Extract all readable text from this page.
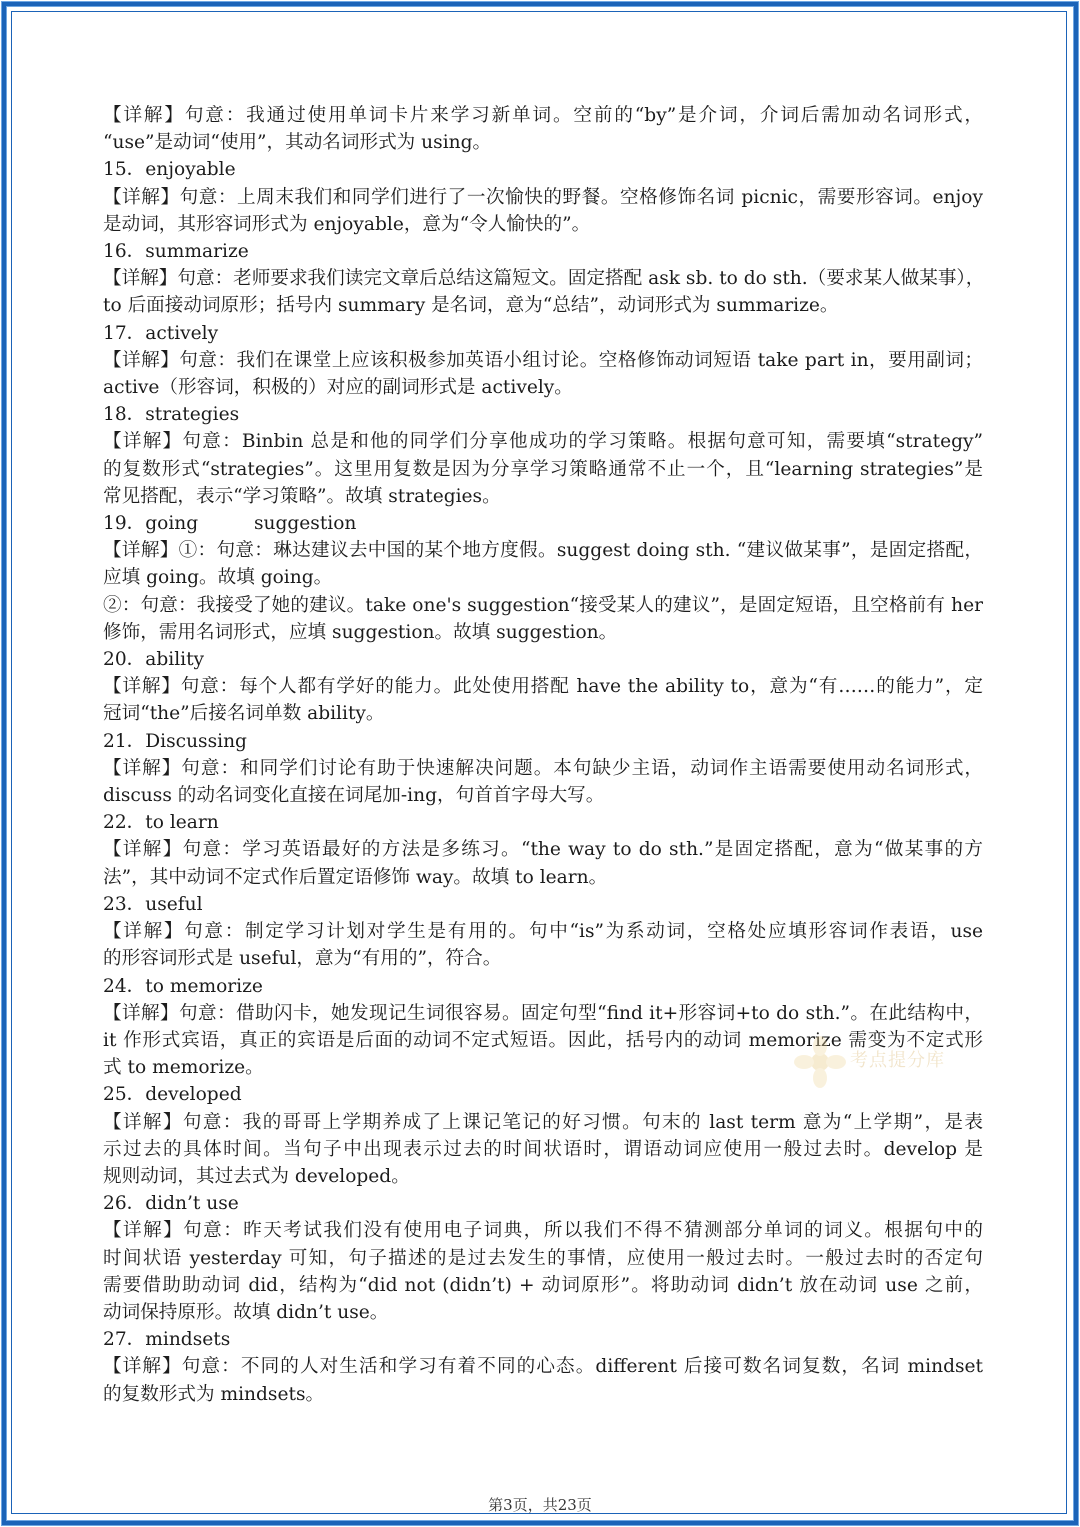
【详解】句意：我通过使用单词卡片来学习新单词。空前的“by”是介词，介词后需加动名词形式，
“use”是动词“使用”，其动名词形式为 using。
15．enjoyable
【详解】句意：上周末我们和同学们进行了一次愉快的野餐。空格修饰名词 picnic，需要形容词。enjoy
是动词，其形容词形式为 enjoyable，意为“令人愉快的”。
16．summarize
【详解】句意：老师要求我们读完文章后总结这篇短文。固定搭配 ask sb. to do sth.（要求某人做某事），
to 后面接动词原形；括号内 summary 是名词，意为“总结”，动词形式为 summarize。
17．actively
【详解】句意：我们在课堂上应该积极参加英语小组讨论。空格修饰动词短语 take part in，要用副词；
active（形容词，积极的）对应的副词形式是 actively。
18．strategies
【详解】句意：Binbin 总是和他的同学们分享他成功的学习策略。根据句意可知，需要填“strategy”
的复数形式“strategies”。这里用复数是因为分享学习策略通常不止一个，且“learning strategies”是
常见搭配，表示“学习策略”。故填 strategies。
19．going　　　suggestion
【详解】①：句意：琳达建议去中国的某个地方度假。suggest doing sth. “建议做某事”，是固定搭配，
应填 going。故填 going。
②：句意：我接受了她的建议。take one's suggestion“接受某人的建议”，是固定短语，且空格前有 her
修饰，需用名词形式，应填 suggestion。故填 suggestion。
20．ability
【详解】句意：每个人都有学好的能力。此处使用搭配 have the ability to，意为“有……的能力”，定
冠词“the”后接名词单数 ability。
21．Discussing
【详解】句意：和同学们讨论有助于快速解决问题。本句缺少主语，动词作主语需要使用动名词形式，
discuss 的动名词变化直接在词尾加-ing，句首首字母大写。
22．to learn
【详解】句意：学习英语最好的方法是多练习。“the way to do sth.”是固定搭配，意为“做某事的方
法”，其中动词不定式作后置定语修饰 way。故填 to learn。
23．useful
【详解】句意：制定学习计划对学生是有用的。句中“is”为系动词，空格处应填形容词作表语，use
的形容词形式是 useful，意为“有用的”，符合。
24．to memorize
【详解】句意：借助闪卡，她发现记生词很容易。固定句型“find it+形容词+to do sth.”。在此结构中，
it 作形式宾语，真正的宾语是后面的动词不定式短语。因此，括号内的动词 memorize 需变为不定式形
式 to memorize。
25．developed
【详解】句意：我的哥哥上学期养成了上课记笔记的好习惯。句末的 last term 意为“上学期”，是表
示过去的具体时间。当句子中出现表示过去的时间状语时，谓语动词应使用一般过去时。develop 是
规则动词，其过去式为 developed。
26．didn’t use
【详解】句意：昨天考试我们没有使用电子词典，所以我们不得不猜测部分单词的词义。根据句中的
时间状语 yesterday 可知，句子描述的是过去发生的事情，应使用一般过去时。一般过去时的否定句
需要借助助动词 did，结构为“did not (didn’t) + 动词原形”。将助动词 didn’t 放在动词 use 之前，
动词保持原形。故填 didn’t use。
27．mindsets
【详解】句意：不同的人对生活和学习有着不同的心态。different 后接可数名词复数，名词 mindset
的复数形式为 mindsets。
考点提分库
第3页，共23页
